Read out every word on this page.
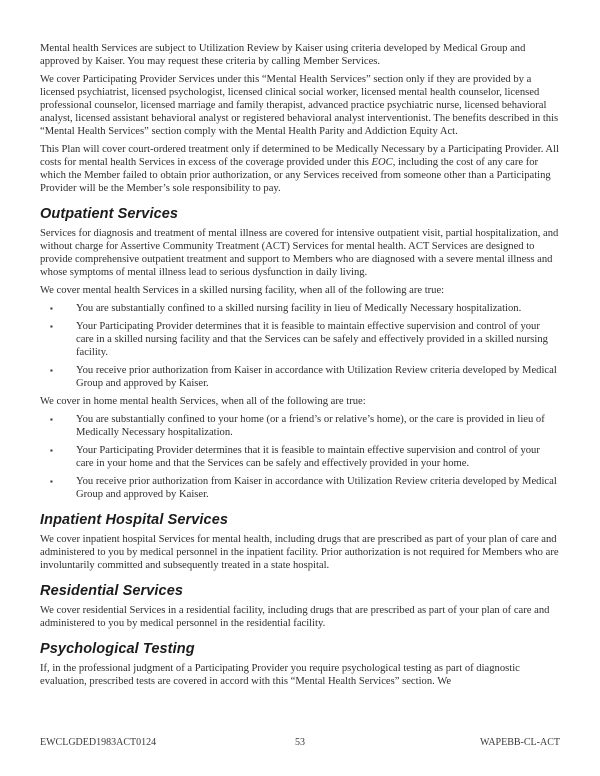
Mental health Services are subject to Utilization Review by Kaiser using criteria developed by Medical Group and approved by Kaiser. You may request these criteria by calling Member Services.

We cover Participating Provider Services under this “Mental Health Services” section only if they are provided by a licensed psychiatrist, licensed psychologist, licensed clinical social worker, licensed mental health counselor, licensed professional counselor, licensed marriage and family therapist, advanced practice psychiatric nurse, licensed behavioral analyst, licensed assistant behavioral analyst or registered behavioral analyst interventionist. The benefits described in this “Mental Health Services” section comply with the Mental Health Parity and Addiction Equity Act.

This Plan will cover court-ordered treatment only if determined to be Medically Necessary by a Participating Provider. All costs for mental health Services in excess of the coverage provided under this EOC, including the cost of any care for which the Member failed to obtain prior authorization, or any Services received from someone other than a Participating Provider will be the Member’s sole responsibility to pay.

Outpatient Services

Services for diagnosis and treatment of mental illness are covered for intensive outpatient visit, partial hospitalization, and without charge for Assertive Community Treatment (ACT) Services for mental health. ACT Services are designed to provide comprehensive outpatient treatment and support to Members who are diagnosed with a severe mental illness and whose symptoms of mental illness lead to serious dysfunction in daily living.

We cover mental health Services in a skilled nursing facility, when all of the following are true:

▪	You are substantially confined to a skilled nursing facility in lieu of Medically Necessary hospitalization.
▪	Your Participating Provider determines that it is feasible to maintain effective supervision and control of your care in a skilled nursing facility and that the Services can be safely and effectively provided in a skilled nursing facility.
▪	You receive prior authorization from Kaiser in accordance with Utilization Review criteria developed by Medical Group and approved by Kaiser.

We cover in home mental health Services, when all of the following are true:

▪	You are substantially confined to your home (or a friend’s or relative’s home), or the care is provided in lieu of Medically Necessary hospitalization.
▪	Your Participating Provider determines that it is feasible to maintain effective supervision and control of your care in your home and that the Services can be safely and effectively provided in your home.
▪	You receive prior authorization from Kaiser in accordance with Utilization Review criteria developed by Medical Group and approved by Kaiser.
Inpatient Hospital Services

We cover inpatient hospital Services for mental health, including drugs that are prescribed as part of your plan of care and administered to you by medical personnel in the inpatient facility. Prior authorization is not required for Members who are involuntarily committed and subsequently treated in a state hospital.

Residential Services

We cover residential Services in a residential facility, including drugs that are prescribed as part of your plan of care and administered to you by medical personnel in the residential facility.

Psychological Testing

If, in the professional judgment of a Participating Provider you require psychological testing as part of diagnostic evaluation, prescribed tests are covered in accord with this “Mental Health Services” section. We

EWCLGDED1983ACT0124	53	WAPEBB-CL-ACT
